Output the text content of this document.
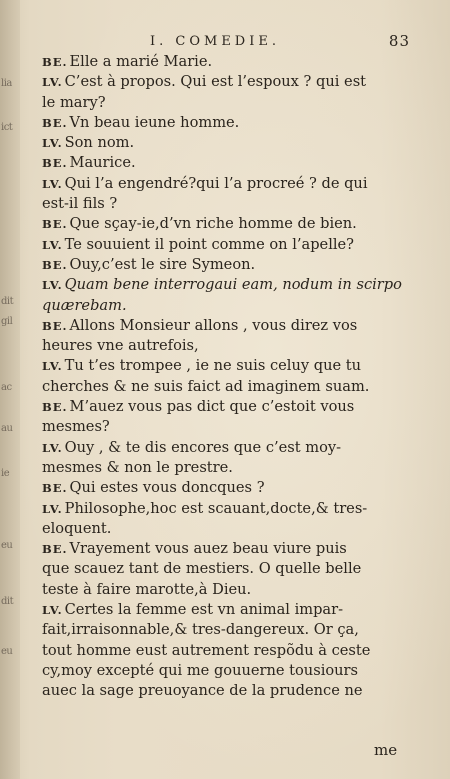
lia
ict
dit
gil
ac
au
ie
eu
dit
eu
I. COMEDIE.	83
BE. Elle a marié Marie.
LV. C’est à propos. Qui est l’espoux ? qui est
le mary?
BE. Vn beau ieune homme.
LV. Son nom.
BE. Maurice.
LV. Qui l’a engendré?qui l’a procreé ? de qui
est-il fils ?
BE. Que sçay-ie,d’vn riche homme de bien.
LV. Te souuient il point comme on l’apelle?
BE. Ouy,c’est le sire Symeon.
LV. Quam bene interrogaui eam, nodum in scirpo
quærebam.
BE. Allons Monsieur allons , vous direz vos
heures vne autrefois,
LV. Tu t’es trompee , ie ne suis celuy que tu
cherches & ne suis faict ad imaginem suam.
BE. M’auez vous pas dict que c’estoit vous
mesmes?
LV. Ouy , & te dis encores que c’est moy-
mesmes & non le prestre.
BE. Qui estes vous doncques ?
LV. Philosophe,hoc est scauant,docte,& tres-
eloquent.
BE. Vrayement vous auez beau viure puis
que scauez tant de mestiers. O quelle belle
teste à faire marotte,à Dieu.
LV. Certes la femme est vn animal impar-
fait,irraisonnable,& tres-dangereux. Or ça,
tout homme eust autrement respõdu à ceste
cy,moy excepté qui me gouuerne tousiours
auec la sage preuoyance de la prudence ne
me
